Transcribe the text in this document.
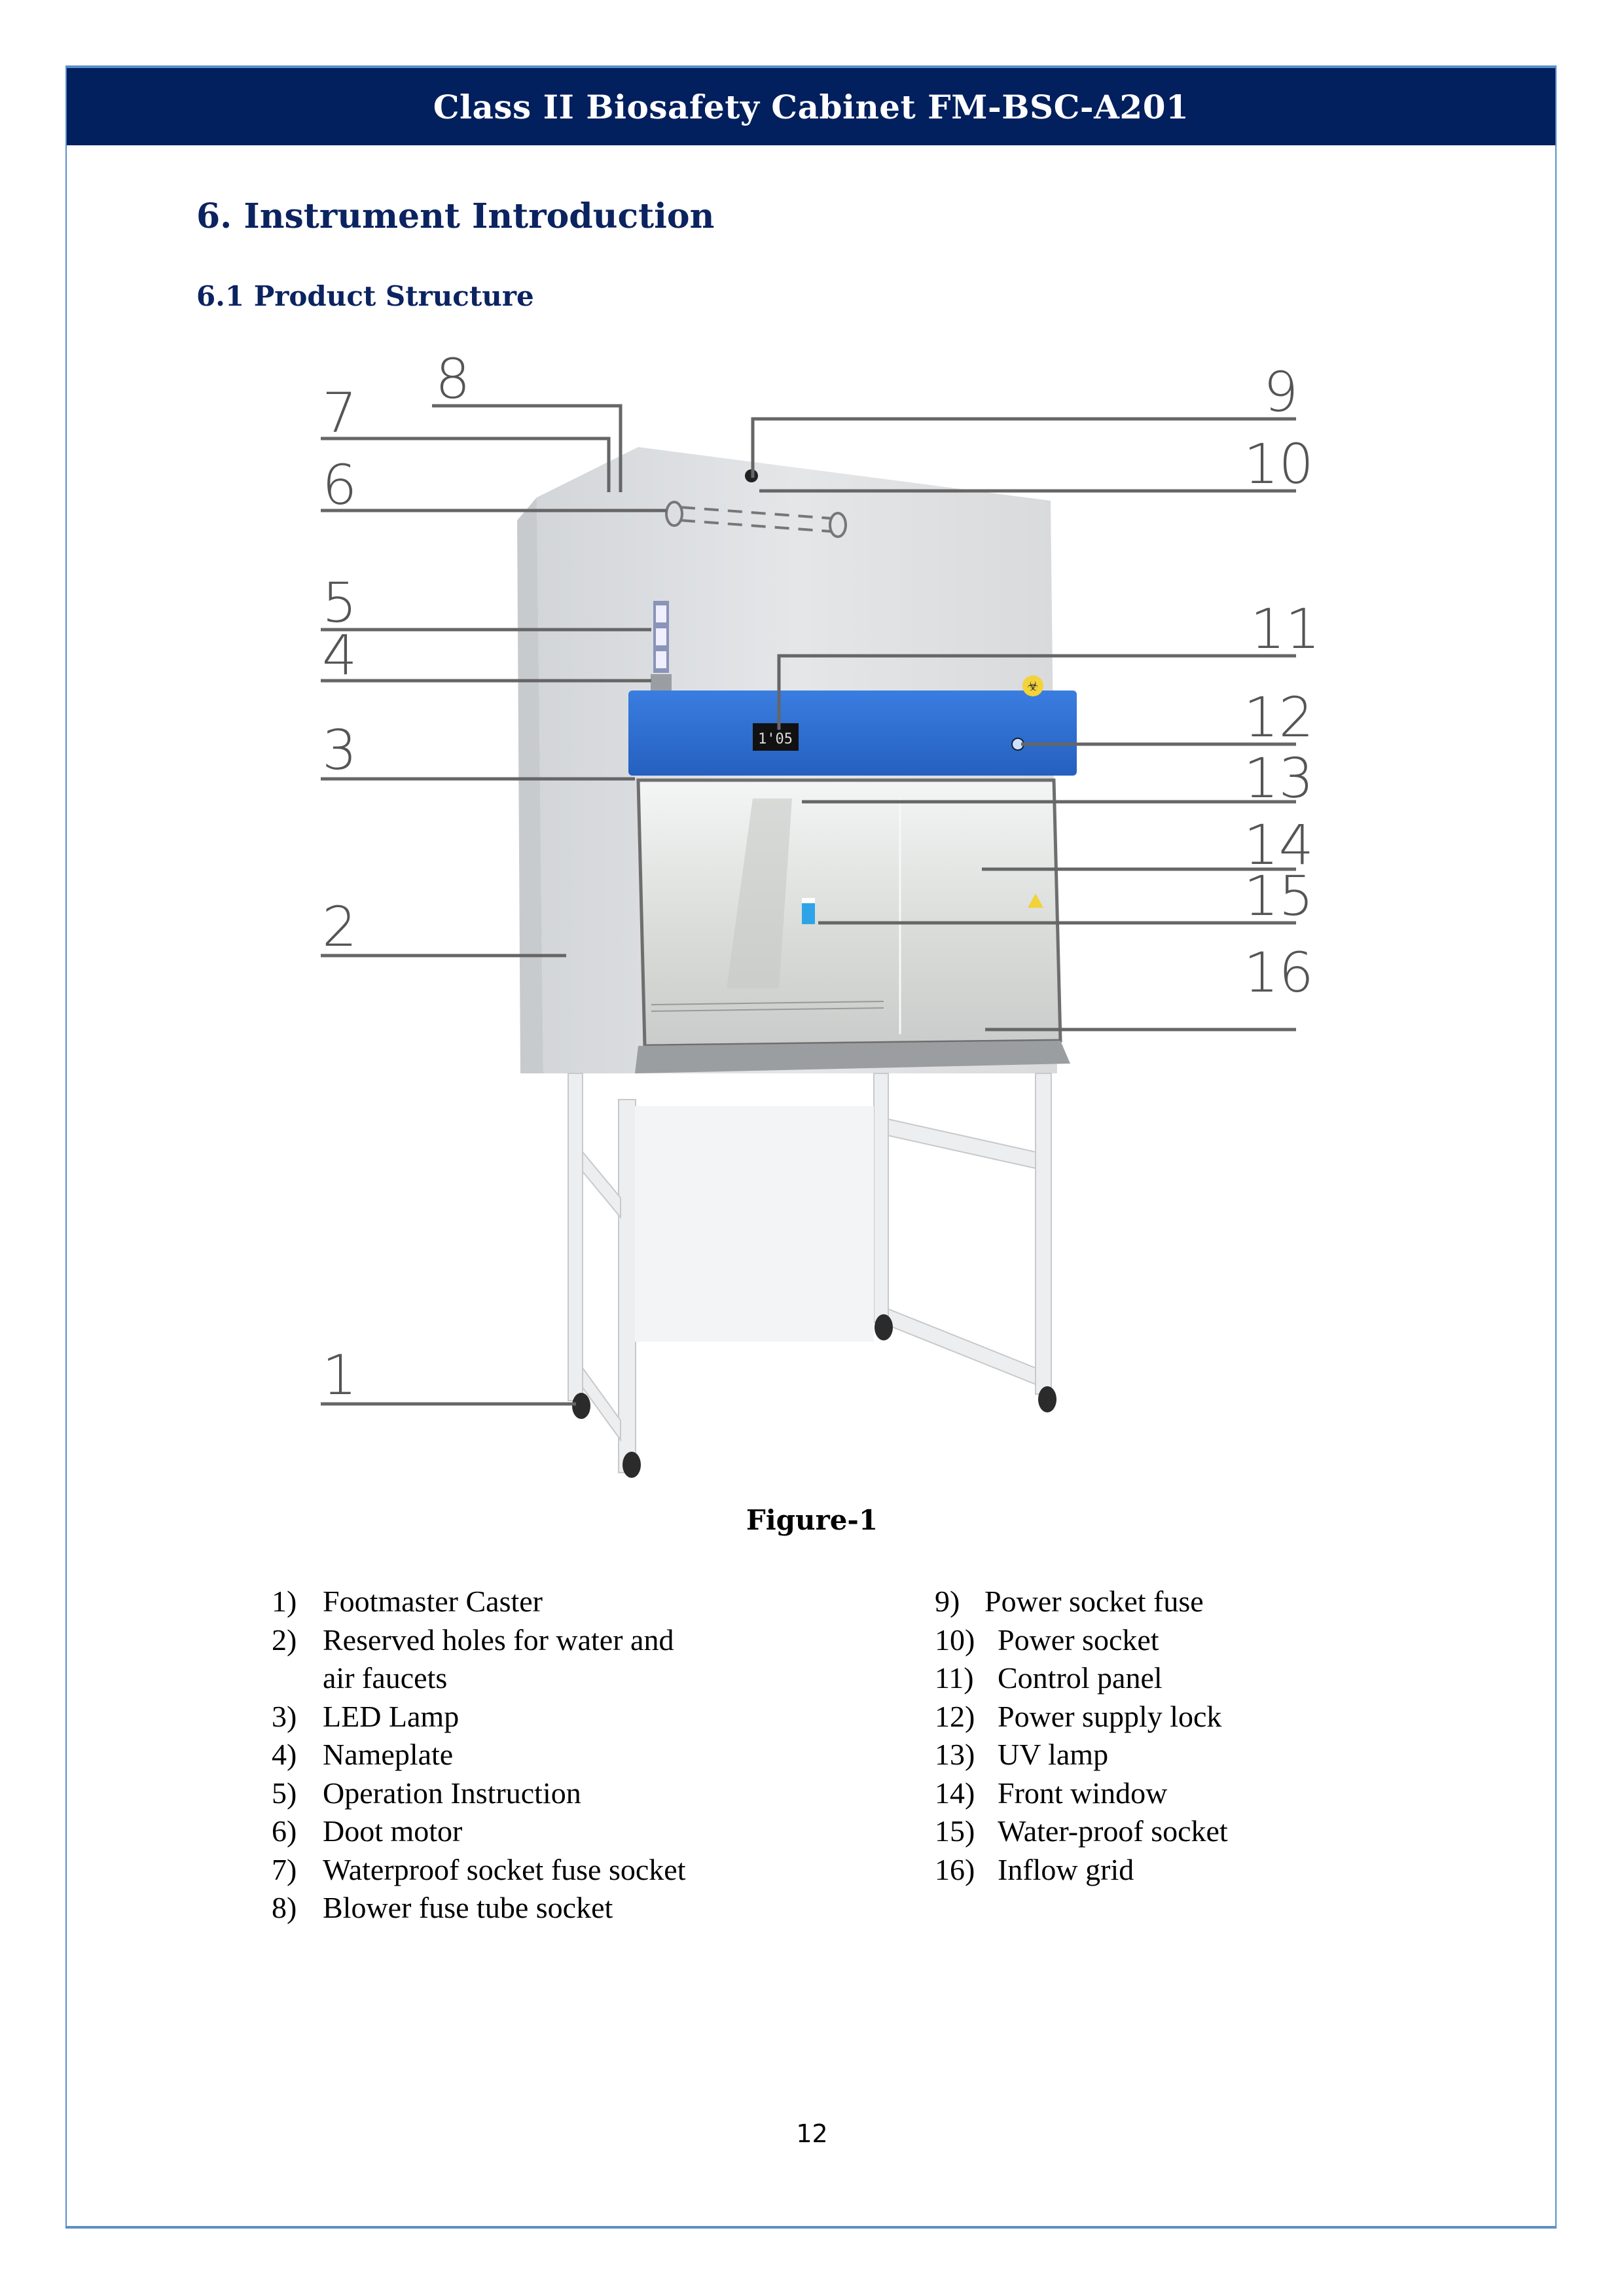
Class II Biosafety Cabinet FM-BSC-A201
6. Instrument Introduction
6.1 Product Structure
1'05
☣
1
2
3
4
5
6
7
8	9
10
11
12
13
14
15
16
Figure-1
1) Footmaster Caster
2) Reserved holes for water and
air faucets
3) LED Lamp
4) Nameplate
5) Operation Instruction
6) Doot motor
7) Waterproof socket fuse socket
8) Blower fuse tube socket
9) Power socket fuse
10) Power socket
11) Control panel
12) Power supply lock
13) UV lamp
14) Front window
15) Water-proof socket
16) Inflow grid
12
